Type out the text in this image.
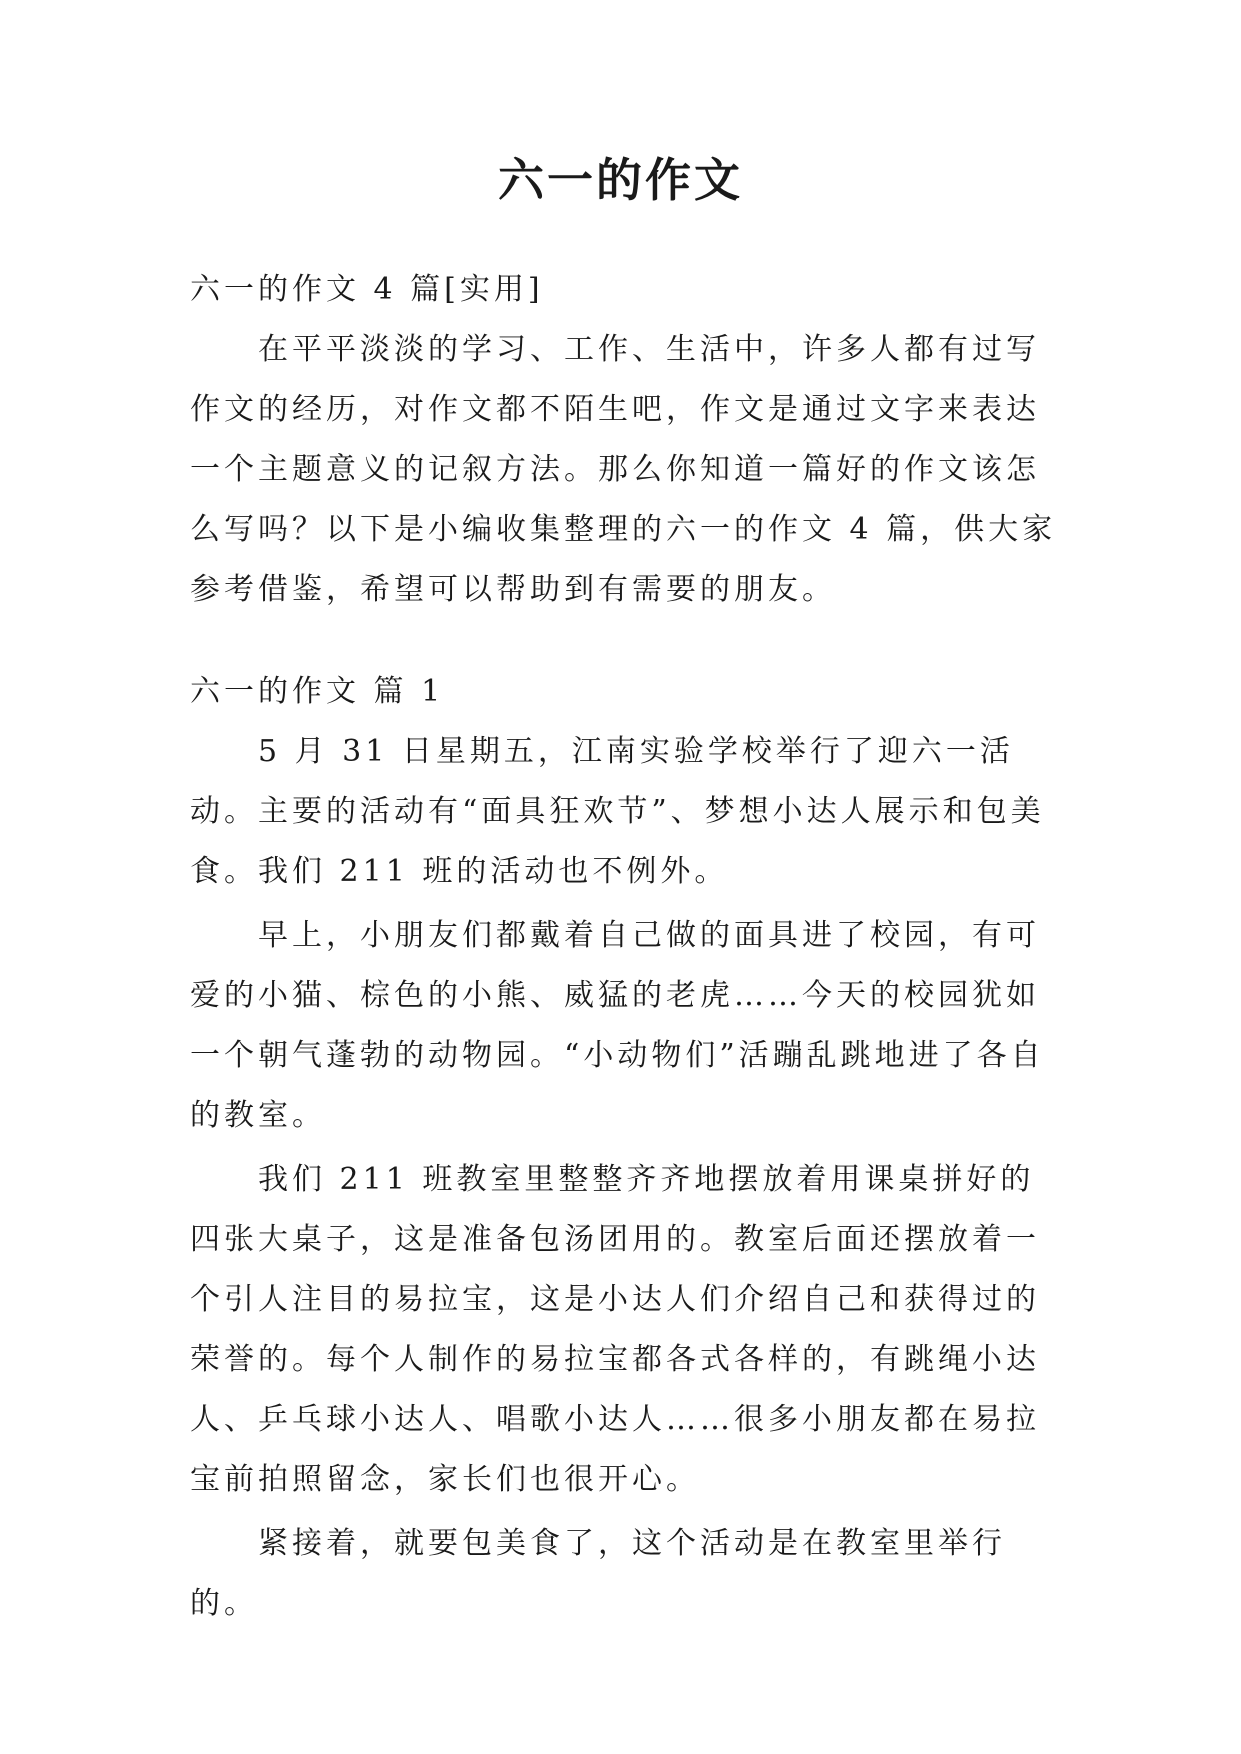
六一的作文

六一的作文 4 篇[实用]

在平平淡淡的学习、工作、生活中，许多人都有过写作文的经历，对作文都不陌生吧，作文是通过文字来表达一个主题意义的记叙方法。那么你知道一篇好的作文该怎么写吗？以下是小编收集整理的六一的作文 4 篇，供大家参考借鉴，希望可以帮助到有需要的朋友。

六一的作文 篇 1

5 月 31 日星期五，江南实验学校举行了迎六一活动。主要的活动有“面具狂欢节”、梦想小达人展示和包美食。我们 211 班的活动也不例外。

早上，小朋友们都戴着自己做的面具进了校园，有可爱的小猫、棕色的小熊、威猛的老虎……今天的校园犹如一个朝气蓬勃的动物园。“小动物们”活蹦乱跳地进了各自的教室。

我们 211 班教室里整整齐齐地摆放着用课桌拼好的四张大桌子，这是准备包汤团用的。教室后面还摆放着一个引人注目的易拉宝，这是小达人们介绍自己和获得过的荣誉的。每个人制作的易拉宝都各式各样的，有跳绳小达人、乒乓球小达人、唱歌小达人……很多小朋友都在易拉宝前拍照留念，家长们也很开心。

紧接着，就要包美食了，这个活动是在教室里举行的。
